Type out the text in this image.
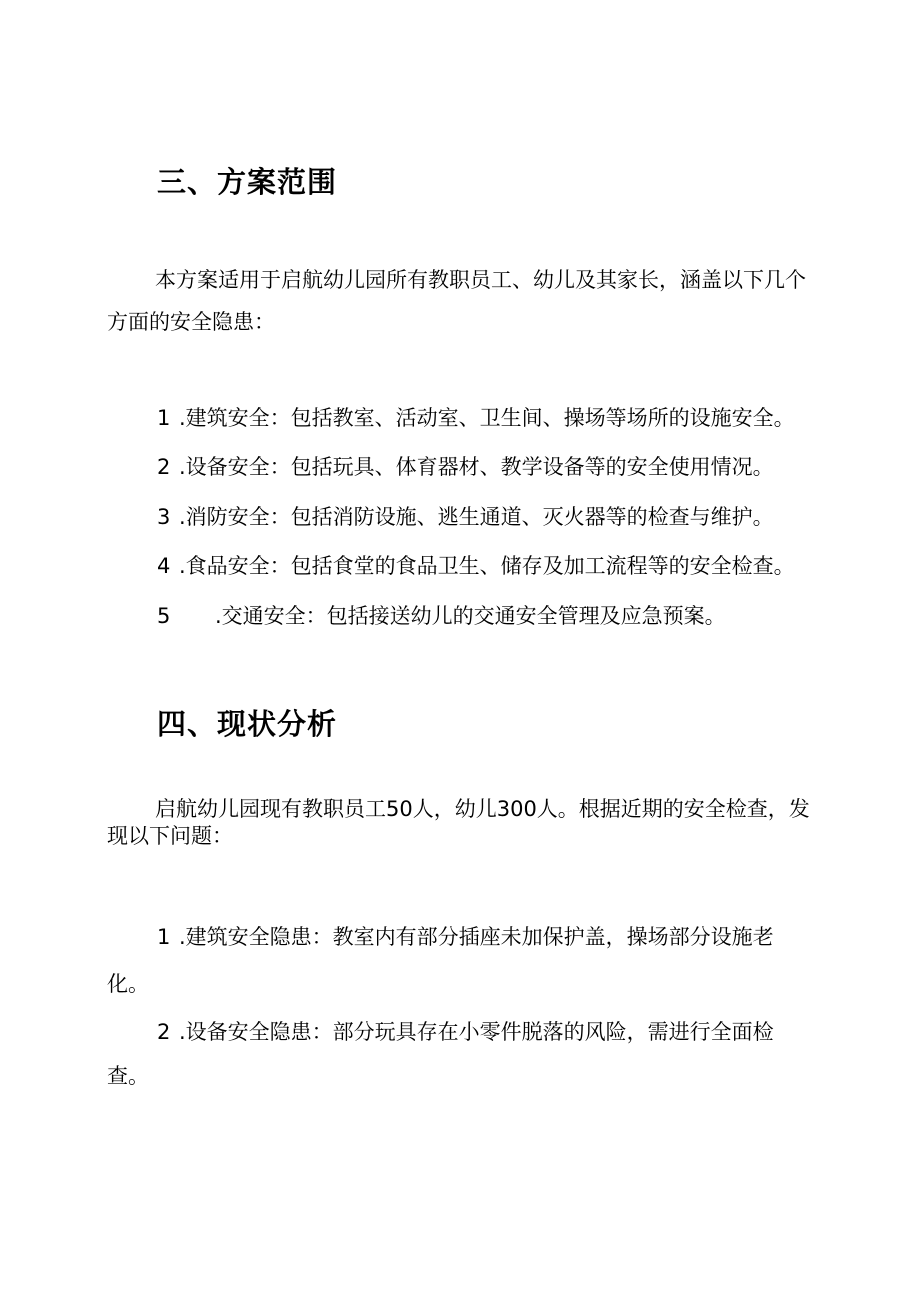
三、方案范围
本方案适用于启航幼儿园所有教职员工、幼儿及其家长，涵盖以下几个
方面的安全隐患：

1 .建筑安全：包括教室、活动室、卫生间、操场等场所的设施安全。

2 .设备安全：包括玩具、体育器材、教学设备等的安全使用情况。

3 .消防安全：包括消防设施、逃生通道、灭火器等的检查与维护。

4 .食品安全：包括食堂的食品卫生、储存及加工流程等的安全检查。

5 .交通安全：包括接送幼儿的交通安全管理及应急预案。

四、现状分析
启航幼儿园现有教职员工50人，幼儿300人。根据近期的安全检查，发
现以下问题：
1 .建筑安全隐患：教室内有部分插座未加保护盖，操场部分设施老
化。
2 .设备安全隐患：部分玩具存在小零件脱落的风险，需进行全面检
查。
